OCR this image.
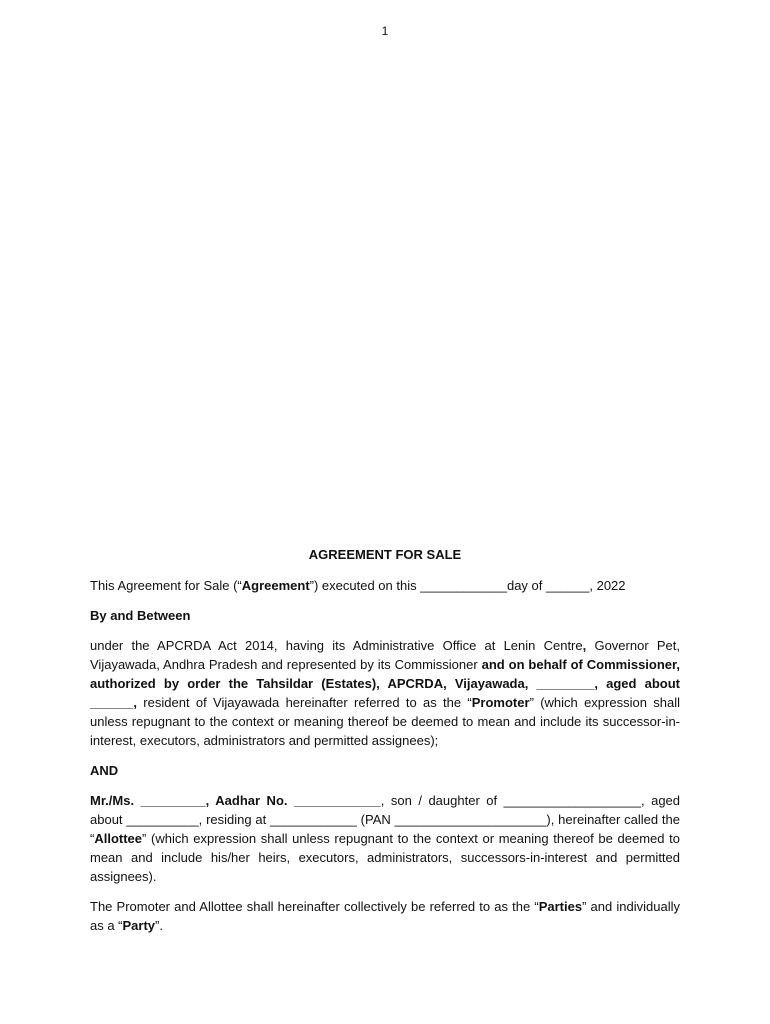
1
AGREEMENT FOR SALE

This Agreement for Sale (“Agreement”) executed on this ____________day of ______, 2022

By and Between

under the APCRDA Act 2014, having its Administrative Office at Lenin Centre, Governor Pet, Vijayawada, Andhra Pradesh and represented by its Commissioner and on behalf of Commissioner, authorized by order the Tahsildar (Estates), APCRDA, Vijayawada, ________, aged about ______, resident of Vijayawada hereinafter referred to as the “Promoter” (which expression shall unless repugnant to the context or meaning thereof be deemed to mean and include its successor-in-interest, executors, administrators and permitted assignees);

AND

Mr./Ms. _________, Aadhar No. ____________, son / daughter of ___________________, aged about __________, residing at ____________ (PAN _____________________), hereinafter called the “Allottee” (which expression shall unless repugnant to the context or meaning thereof be deemed to mean and include his/her heirs, executors, administrators, successors-in-interest and permitted assignees).

The Promoter and Allottee shall hereinafter collectively be referred to as the “Parties” and individually as a “Party”.
